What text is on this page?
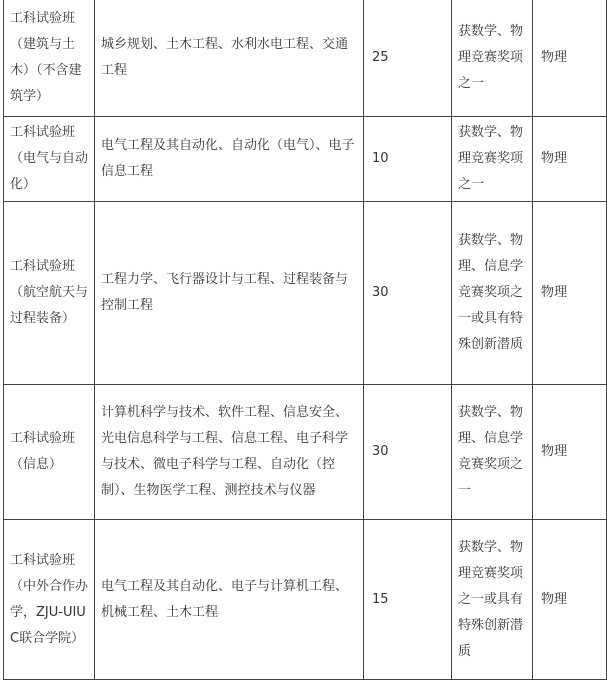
工科试验班（建筑与土木）（不含建筑学）	城乡规划、土木工程、水利水电工程、交通工程	25	获数学、物理竞赛奖项之一	物理
工科试验班（电气与自动化）	电气工程及其自动化、自动化（电气）、电子信息工程	10	获数学、物理竞赛奖项之一	物理
工科试验班（航空航天与过程装备）	工程力学、飞行器设计与工程、过程装备与控制工程	30	获数学、物理、信息学竞赛奖项之一或具有特殊创新潜质	物理
工科试验班（信息）	计算机科学与技术、软件工程、信息安全、光电信息科学与工程、信息工程、电子科学与技术、微电子科学与工程、自动化（控制）、生物医学工程、测控技术与仪器	30	获数学、物理、信息学竞赛奖项之一	物理
工科试验班（中外合作办学，ZJU-UIUC联合学院）	电气工程及其自动化、电子与计算机工程、机械工程、土木工程	15	获数学、物理竞赛奖项之一或具有特殊创新潜质	物理
